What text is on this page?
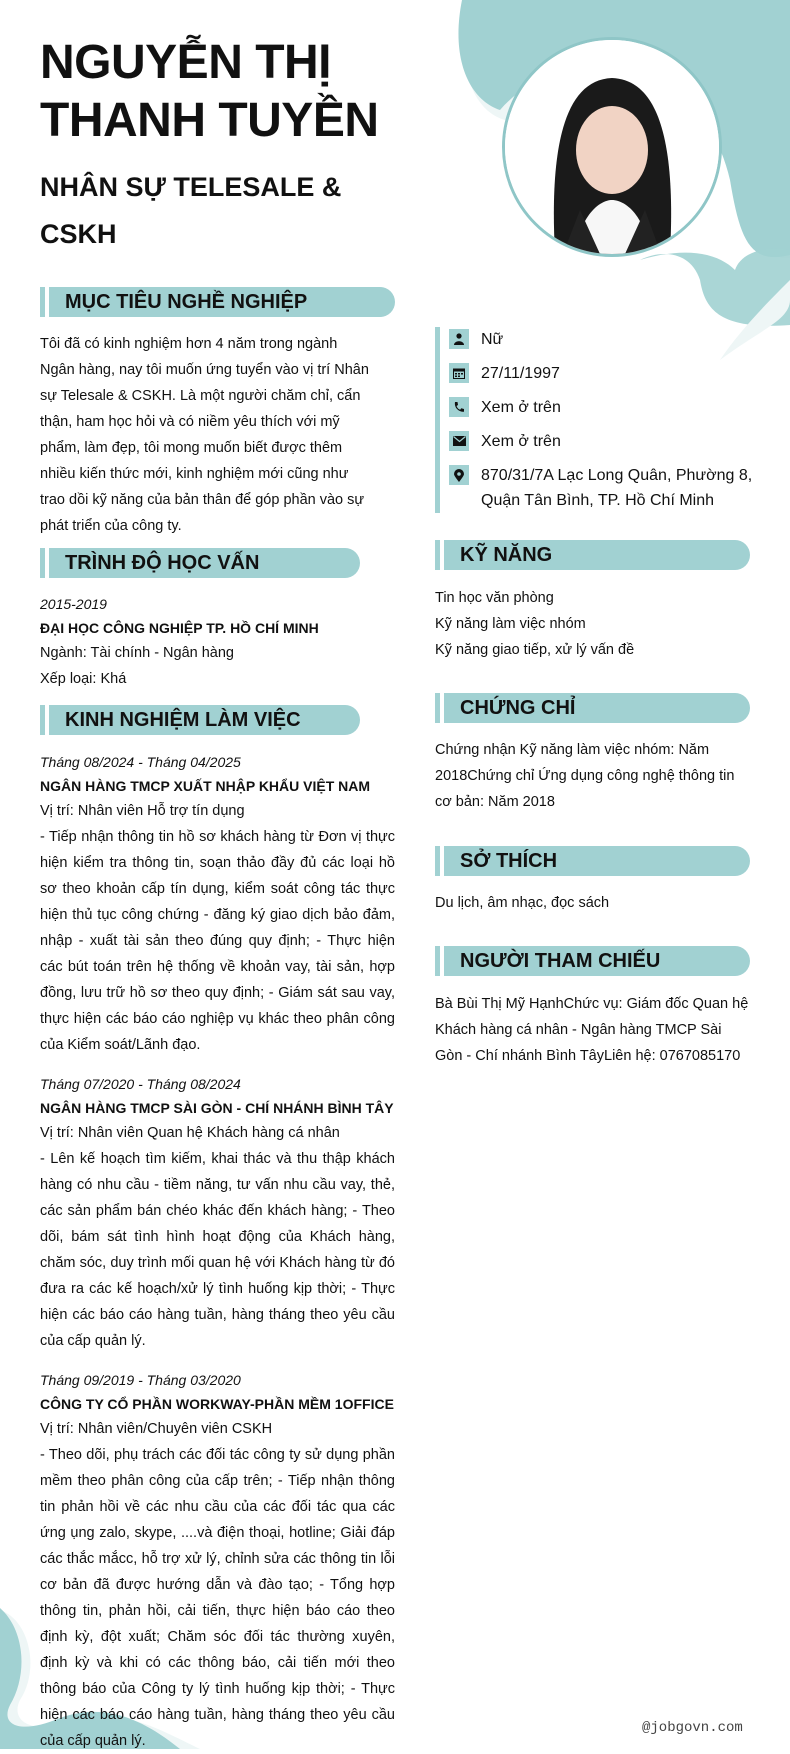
NGUYỄN THỊ
THANH TUYỀN
NHÂN SỰ TELESALE &
CSKH
MỤC TIÊU NGHỀ NGHIỆP
Tôi đã có kinh nghiệm hơn 4 năm trong ngành Ngân hàng, nay tôi muốn ứng tuyển vào vị trí Nhân sự Telesale & CSKH. Là một người chăm chỉ, cẩn thận, ham học hỏi và có niềm yêu thích với mỹ phẩm, làm đẹp, tôi mong muốn biết được thêm nhiều kiến thức mới, kinh nghiệm mới cũng như trao dồi kỹ năng của bản thân để góp phần vào sự phát triển của công ty.
TRÌNH ĐỘ HỌC VẤN
2015-2019
ĐẠI HỌC CÔNG NGHIỆP TP. HỒ CHÍ MINH
Ngành: Tài chính - Ngân hàng
Xếp loại: Khá
KINH NGHIỆM LÀM VIỆC
Tháng 08/2024 - Tháng 04/2025
NGÂN HÀNG TMCP XUẤT NHẬP KHẨU VIỆT NAM
Vị trí: Nhân viên Hỗ trợ tín dụng
- Tiếp nhận thông tin hồ sơ khách hàng từ Đơn vị thực hiện kiểm tra thông tin, soạn thảo đầy đủ các loại hồ sơ theo khoản cấp tín dụng, kiểm soát công tác thực hiện thủ tục công chứng - đăng ký giao dịch bảo đảm, nhập - xuất tài sản theo đúng quy định; - Thực hiện các bút toán trên hệ thống về khoản vay, tài sản, hợp đồng, lưu trữ hồ sơ theo quy định; - Giám sát sau vay, thực hiện các báo cáo nghiệp vụ khác theo phân công của Kiểm soát/Lãnh đạo.
Tháng 07/2020 - Tháng 08/2024
NGÂN HÀNG TMCP SÀI GÒN - CHÍ NHÁNH BÌNH TÂY
Vị trí: Nhân viên Quan hệ Khách hàng cá nhân
- Lên kế hoạch tìm kiếm, khai thác và thu thập khách hàng có nhu cầu - tiềm năng, tư vấn nhu cầu vay, thẻ, các sản phẩm bán chéo khác đến khách hàng; - Theo dõi, bám sát tình hình hoạt động của Khách hàng, chăm sóc, duy trình mối quan hệ với Khách hàng từ đó đưa ra các kế hoạch/xử lý tình huống kịp thời; - Thực hiện các báo cáo hàng tuần, hàng tháng theo yêu cầu của cấp quản lý.
Tháng 09/2019 - Tháng 03/2020
CÔNG TY CỔ PHẦN WORKWAY-PHẦN MỀM 1OFFICE
Vị trí: Nhân viên/Chuyên viên CSKH
- Theo dõi, phụ trách các đối tác công ty sử dụng phần mềm theo phân công của cấp trên; - Tiếp nhận thông tin phản hồi về các nhu cầu của các đối tác qua các ứng ụng zalo, skype, ....và điện thoại, hotline; Giải đáp các thắc mắcc, hỗ trợ xử lý, chỉnh sửa các thông tin lỗi cơ bản đã được hướng dẫn và đào tạo; - Tổng hợp thông tin, phản hồi, cải tiến, thực hiện báo cáo theo định kỳ, đột xuất; Chăm sóc đối tác thường xuyên, định kỳ và khi có các thông báo, cải tiến mới theo thông báo của Công ty lý tình huống kịp thời; - Thực hiện các báo cáo hàng tuần, hàng tháng theo yêu cầu của cấp quản lý.
Nữ
27/11/1997
Xem ở trên
Xem ở trên
870/31/7A Lạc Long Quân, Phường 8, Quận Tân Bình, TP. Hồ Chí Minh
KỸ NĂNG
Tin học văn phòng
Kỹ năng làm việc nhóm
Kỹ năng giao tiếp, xử lý vấn đề
CHỨNG CHỈ
Chứng nhận Kỹ năng làm việc nhóm: Năm 2018Chứng chỉ Ứng dụng công nghệ thông tin cơ bản: Năm 2018
SỞ THÍCH
Du lịch, âm nhạc, đọc sách
NGƯỜI THAM CHIẾU
Bà Bùi Thị Mỹ HạnhChức vụ: Giám đốc Quan hệ Khách hàng cá nhân - Ngân hàng TMCP Sài Gòn - Chí nhánh Bình TâyLiên hệ: 0767085170
@jobgovn.com
